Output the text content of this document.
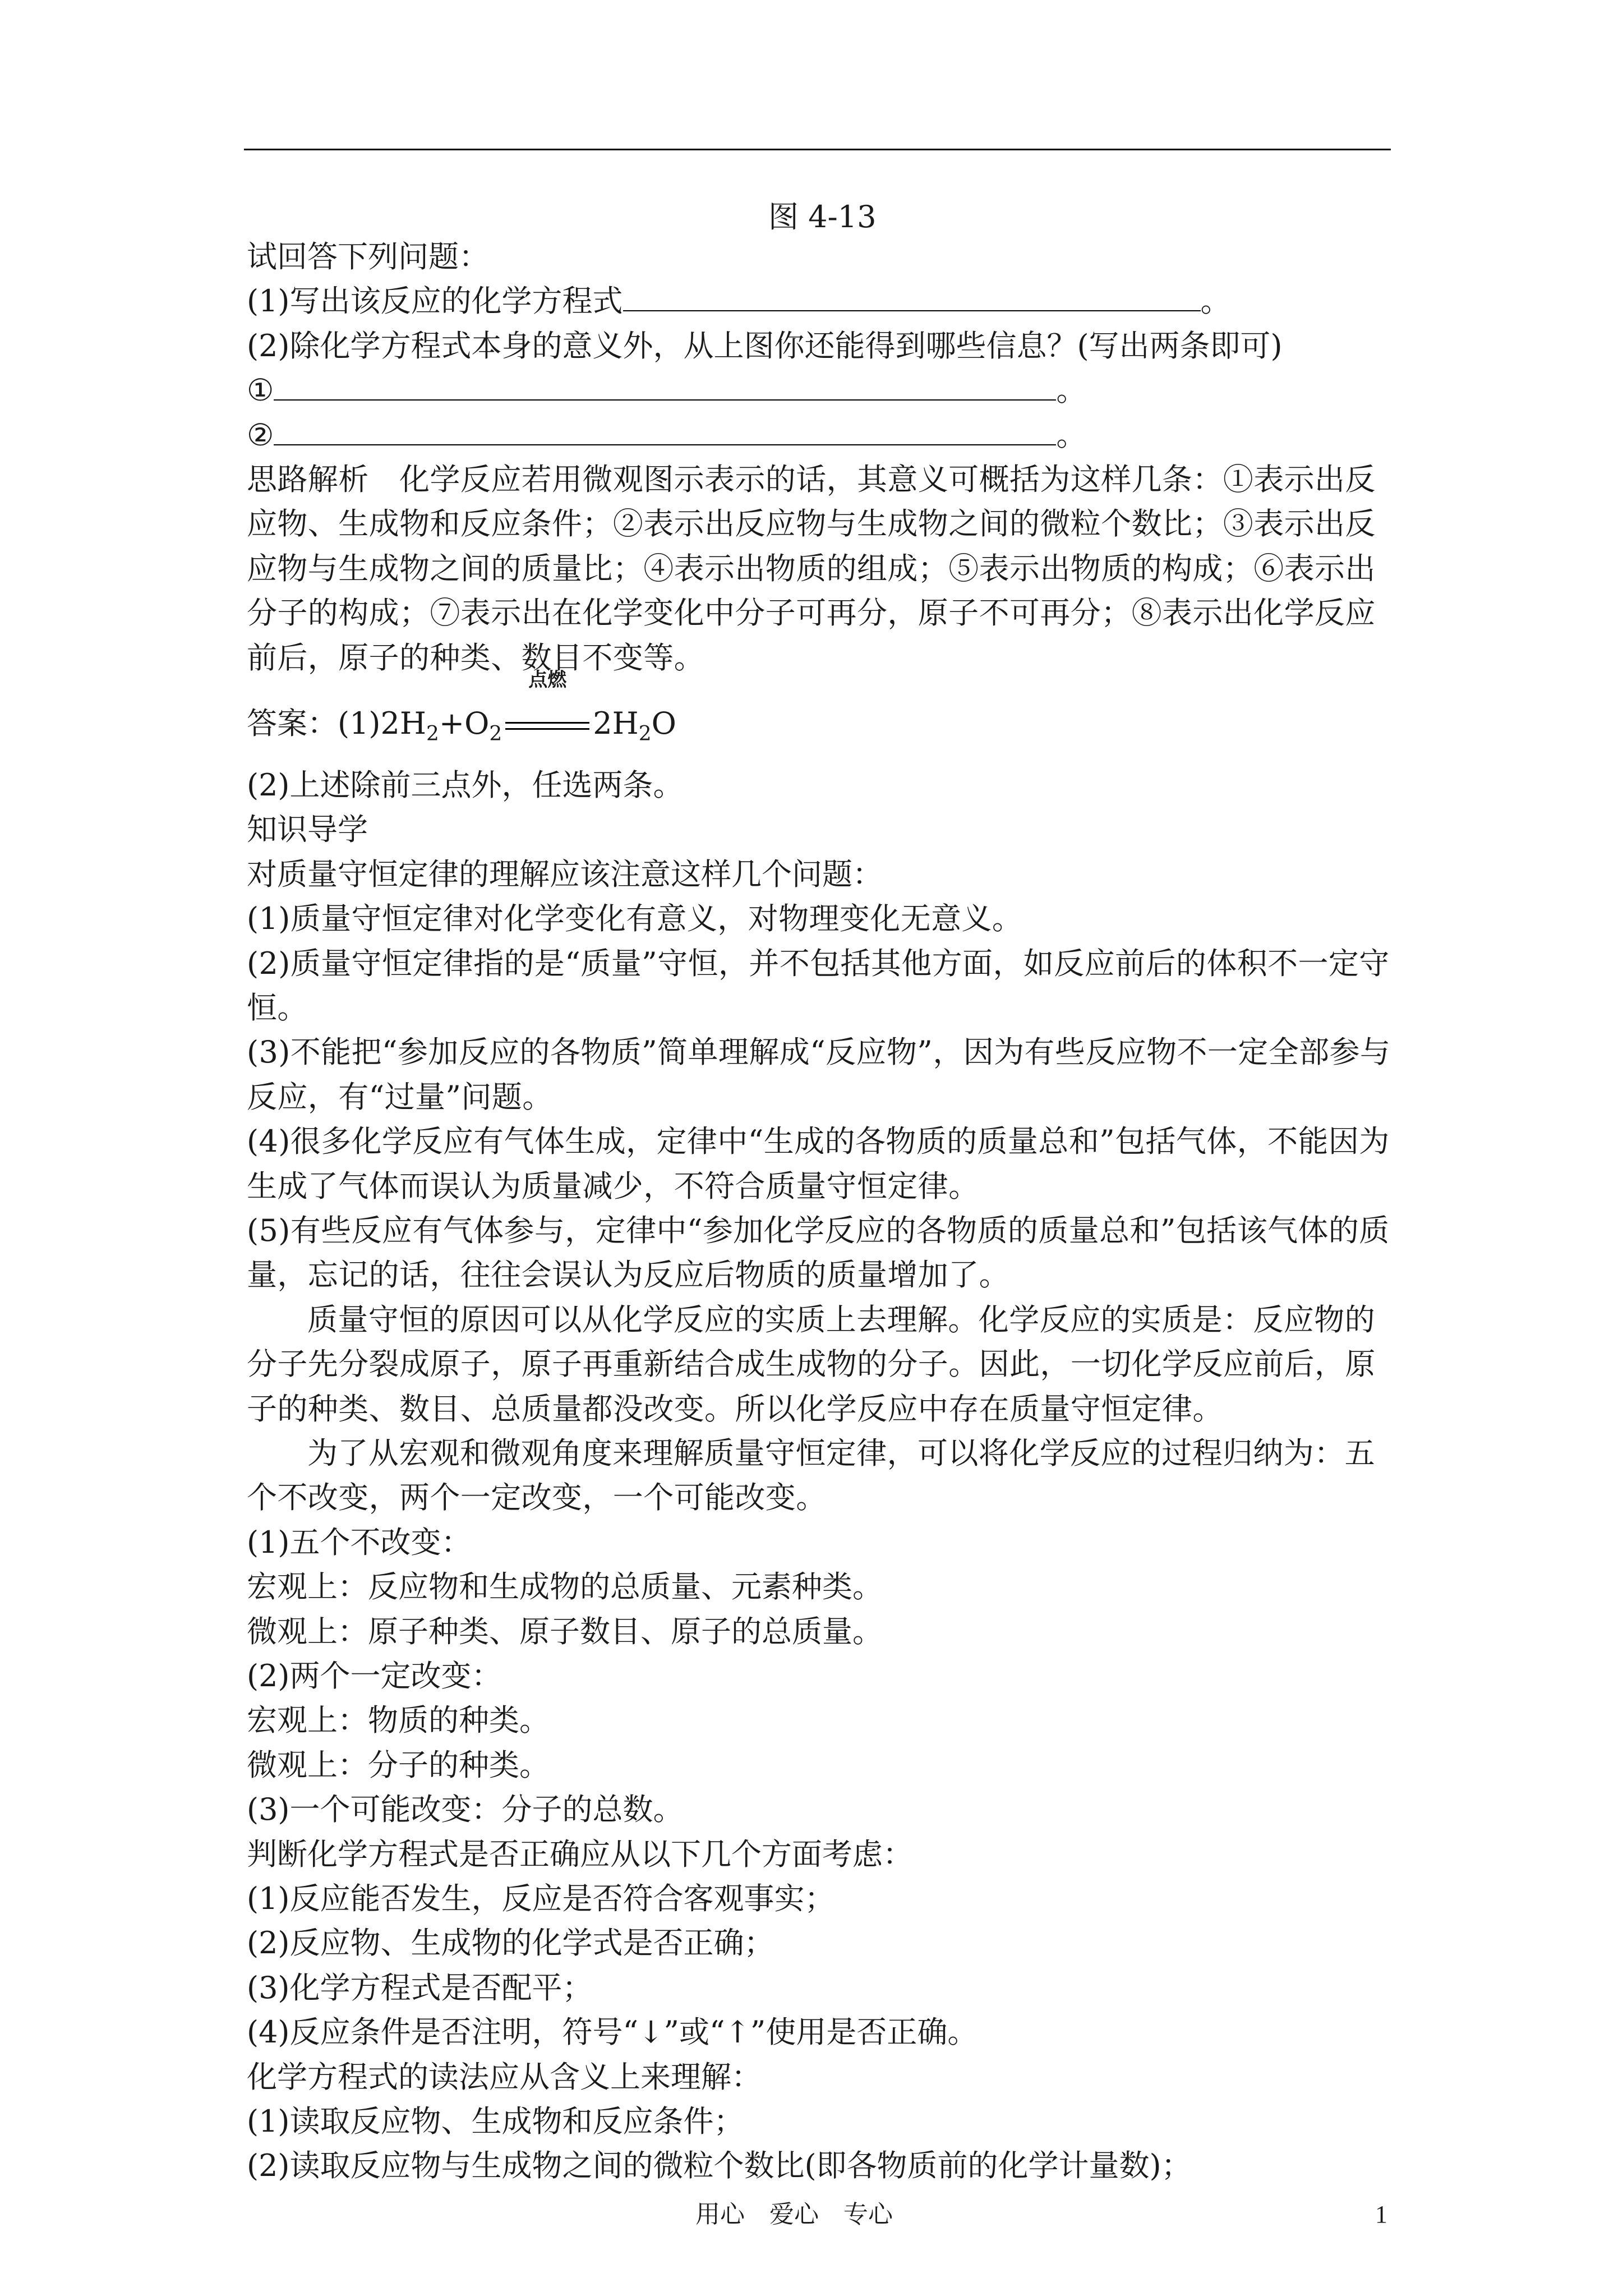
图 4-13
试回答下列问题：
(1)写出该反应的化学方程式	。
(2)除化学方程式本身的意义外，从上图你还能得到哪些信息？(写出两条即可)
①	。
②	。

思路解析　化学反应若用微观图示表示的话，其意义可概括为这样几条：①表示出反应物、生成物和反应条件；②表示出反应物与生成物之间的微粒个数比；③表示出反应物与生成物之间的质量比；④表示出物质的组成；⑤表示出物质的构成；⑥表示出分子的构成；⑦表示出在化学变化中分子可再分，原子不可再分；⑧表示出化学反应前后，原子的种类、数目不变等。

答案：$(1)2H_2+O_2$
点燃
$2H_2O$
(2)上述除前三点外，任选两条。
知识导学
对质量守恒定律的理解应该注意这样几个问题：

(1)质量守恒定律对化学变化有意义，对物理变化无意义。

(2)质量守恒定律指的是“质量”守恒，并不包括其他方面，如反应前后的体积不一定守恒。

(3)不能把“参加反应的各物质”简单理解成“反应物”，因为有些反应物不一定全部参与反应，有“过量”问题。

(4)很多化学反应有气体生成，定律中“生成的各物质的质量总和”包括气体，不能因为生成了气体而误认为质量减少，不符合质量守恒定律。

(5)有些反应有气体参与，定律中“参加化学反应的各物质的质量总和”包括该气体的质量，忘记的话，往往会误认为反应后物质的质量增加了。

质量守恒的原因可以从化学反应的实质上去理解。化学反应的实质是：反应物的分子先分裂成原子，原子再重新结合成生成物的分子。因此，一切化学反应前后，原子的种类、数目、总质量都没改变。所以化学反应中存在质量守恒定律。

为了从宏观和微观角度来理解质量守恒定律，可以将化学反应的过程归纳为：五个不改变，两个一定改变，一个可能改变。

(1)五个不改变：
宏观上：反应物和生成物的总质量、元素种类。
微观上：原子种类、原子数目、原子的总质量。
(2)两个一定改变：
宏观上：物质的种类。
微观上：分子的种类。
(3)一个可能改变：分子的总数。
判断化学方程式是否正确应从以下几个方面考虑：
(1)反应能否发生，反应是否符合客观事实；
(2)反应物、生成物的化学式是否正确；
(3)化学方程式是否配平；
(4)反应条件是否注明，符号“↓”或“↑”使用是否正确。
化学方程式的读法应从含义上来理解：
(1)读取反应物、生成物和反应条件；
(2)读取反应物与生成物之间的微粒个数比(即各物质前的化学计量数)；
用心　爱心　专心	1
